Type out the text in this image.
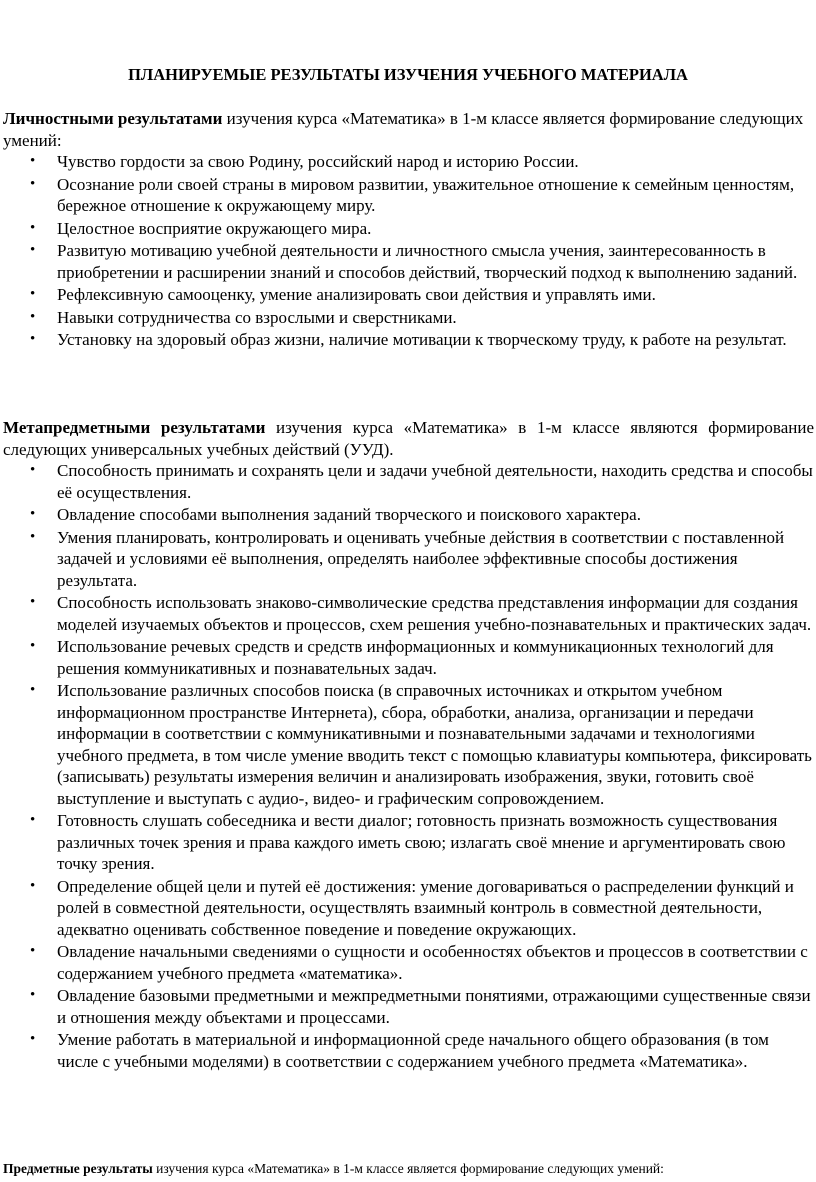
ПЛАНИРУЕМЫЕ РЕЗУЛЬТАТЫ ИЗУЧЕНИЯ УЧЕБНОГО МАТЕРИАЛА
Личностными результатами изучения курса «Математика» в 1-м классе является формирование следующих умений:
• Чувство гордости за свою Родину, российский народ и историю России.
• Осознание роли своей страны в мировом развитии, уважительное отношение к семейным ценностям, бережное отношение к окружающему миру.
• Целостное восприятие окружающего мира.
• Развитую мотивацию учебной деятельности и личностного смысла учения, заинтересованность в приобретении и расширении знаний и способов действий, творческий подход к выполнению заданий.
• Рефлексивную самооценку, умение анализировать свои действия и управлять ими.
• Навыки сотрудничества со взрослыми и сверстниками.
• Установку на здоровый образ жизни, наличие мотивации к творческому труду, к работе на результат.
Метапредметными результатами изучения курса «Математика» в 1-м классе являются формирование следующих универсальных учебных действий (УУД).
• Способность принимать и сохранять цели и задачи учебной деятельности, находить средства и способы её осуществления.
• Овладение способами выполнения заданий творческого и поискового характера.
• Умения планировать, контролировать и оценивать учебные действия в соответствии с поставленной задачей и условиями её выполнения, определять наиболее эффективные способы достижения результата.
• Способность использовать знаково-символические средства представления информации для создания моделей изучаемых объектов и процессов, схем решения учебно-познавательных и практических задач.
• Использование речевых средств и средств информационных и коммуникационных технологий для решения коммуникативных и познавательных задач.
• Использование различных способов поиска (в справочных источниках и открытом учебном информационном пространстве Интернета), сбора, обработки, анализа, организации и передачи информации в соответствии с коммуникативными и познавательными задачами и технологиями учебного предмета, в том числе умение вводить текст с помощью клавиатуры компьютера, фиксировать (записывать) результаты измерения величин и анализировать изображения, звуки, готовить своё выступление и выступать с аудио-, видео- и графическим сопровождением.
• Готовность слушать собеседника и вести диалог; готовность признать возможность существования различных точек зрения и права каждого иметь свою; излагать своё мнение и аргументировать свою точку зрения.
• Определение общей цели и путей её достижения: умение договариваться о распределении функций и ролей в совместной деятельности, осуществлять взаимный контроль в совместной деятельности, адекватно оценивать собственное поведение и поведение окружающих.
• Овладение начальными сведениями о сущности и особенностях объектов и процессов в соответствии с содержанием учебного предмета «математика».
• Овладение базовыми предметными и межпредметными понятиями, отражающими существенные связи и отношения между объектами и процессами.
• Умение работать в материальной и информационной среде начального общего образования (в том числе с учебными моделями) в соответствии с содержанием учебного предмета «Математика».
Предметные результаты изучения курса «Математика» в 1-м классе является формирование следующих умений:
